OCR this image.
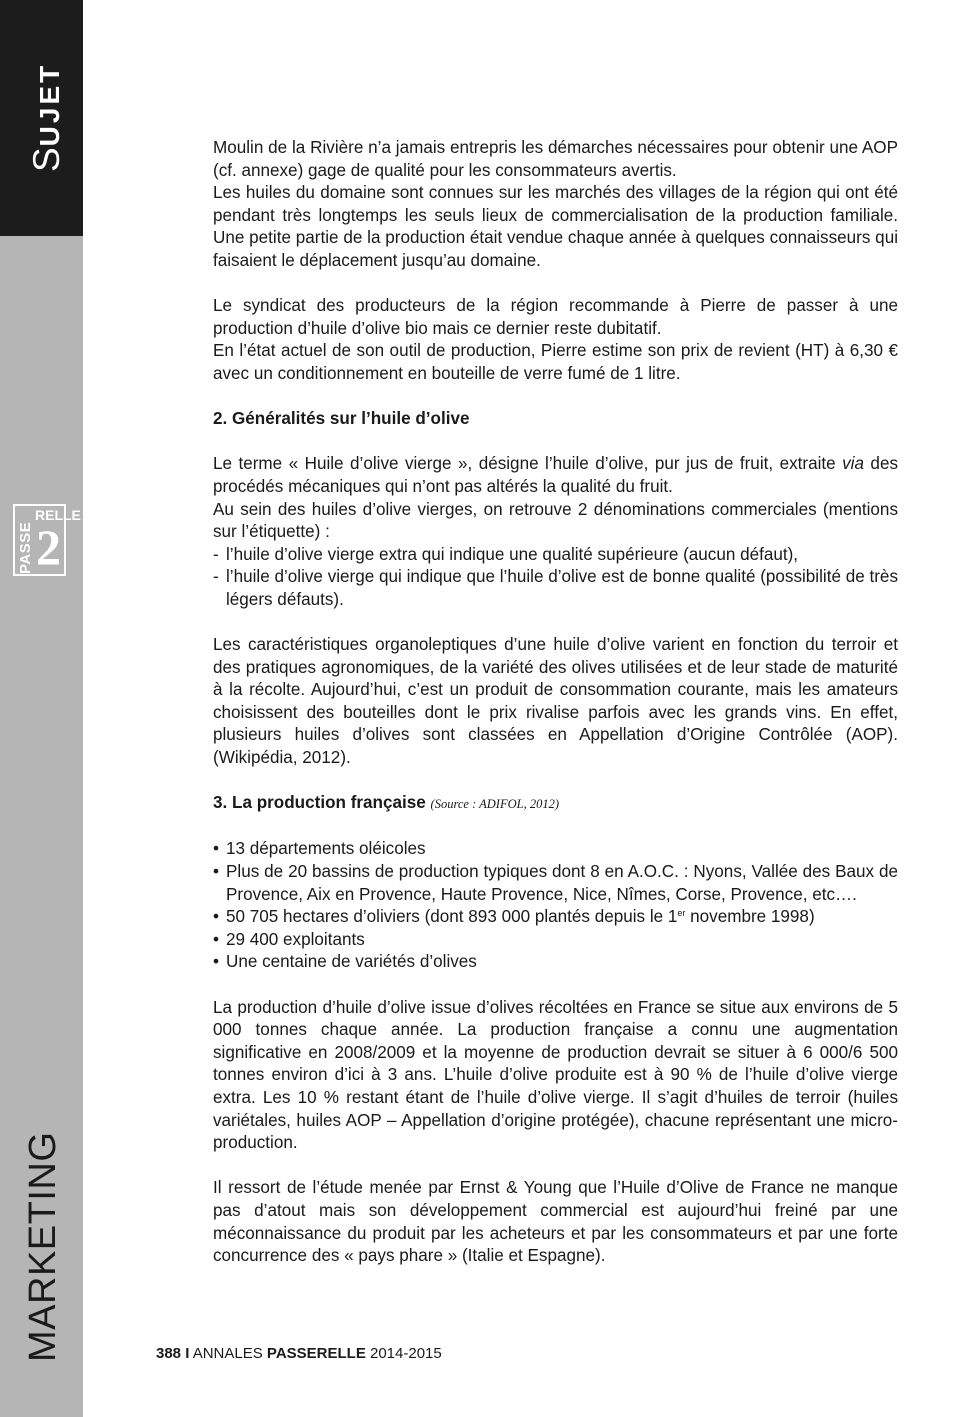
SUJET
PASSE
RELLE
2
MARKETING

Moulin de la Rivière n’a jamais entrepris les démarches nécessaires pour obtenir une AOP (cf. annexe) gage de qualité pour les consommateurs avertis.

Les huiles du domaine sont connues sur les marchés des villages de la région qui ont été pendant très longtemps les seuls lieux de commercialisation de la production familiale. Une petite partie de la production était vendue chaque année à quelques connaisseurs qui faisaient le déplacement jusqu’au domaine.

Le syndicat des producteurs de la région recommande à Pierre de passer à une production d’huile d’olive bio mais ce dernier reste dubitatif.

En l’état actuel de son outil de production, Pierre estime son prix de revient (HT) à 6,30 € avec un conditionnement en bouteille de verre fumé de 1 litre.

2. Généralités sur l’huile d’olive

Le terme « Huile d’olive vierge », désigne l’huile d’olive, pur jus de fruit, extraite via des procédés mécaniques qui n’ont pas altérés la qualité du fruit.

Au sein des huiles d’olive vierges, on retrouve 2 dénominations commerciales (mentions sur l’étiquette) :

- l’huile d’olive vierge extra qui indique une qualité supérieure (aucun défaut),
- l’huile d’olive vierge qui indique que l’huile d’olive est de bonne qualité (possibilité de très légers défauts).

Les caractéristiques organoleptiques d’une huile d’olive varient en fonction du terroir et des pratiques agronomiques, de la variété des olives utilisées et de leur stade de maturité à la récolte. Aujourd’hui, c’est un produit de consommation courante, mais les amateurs choisissent des bouteilles dont le prix rivalise parfois avec les grands vins. En effet, plusieurs huiles d’olives sont classées en Appellation d’Origine Contrôlée (AOP). (Wikipédia, 2012).

3. La production française (Source : ADIFOL, 2012)
• 13 départements oléicoles
• Plus de 20 bassins de production typiques dont 8 en A.O.C. : Nyons, Vallée des Baux de Provence, Aix en Provence, Haute Provence, Nice, Nîmes, Corse, Provence, etc….
• 50 705 hectares d’oliviers (dont 893 000 plantés depuis le 1er novembre 1998)
• 29 400 exploitants
• Une centaine de variétés d’olives

La production d’huile d’olive issue d’olives récoltées en France se situe aux environs de 5 000 tonnes chaque année. La production française a connu une augmentation significative en 2008/2009 et la moyenne de production devrait se situer à 6 000/6 500 tonnes environ d’ici à 3 ans. L’huile d’olive produite est à 90 % de l’huile d’olive vierge extra. Les 10 % restant étant de l’huile d’olive vierge. Il s’agit d’huiles de terroir (huiles variétales, huiles AOP – Appellation d’origine protégée), chacune représentant une micro-production.

Il ressort de l’étude menée par Ernst & Young que l’Huile d’Olive de France ne manque pas d’atout mais son développement commercial est aujourd’hui freiné par une méconnaissance du produit par les acheteurs et par les consommateurs et par une forte concurrence des « pays phare » (Italie et Espagne).

388 I ANNALES PASSERELLE 2014-2015
